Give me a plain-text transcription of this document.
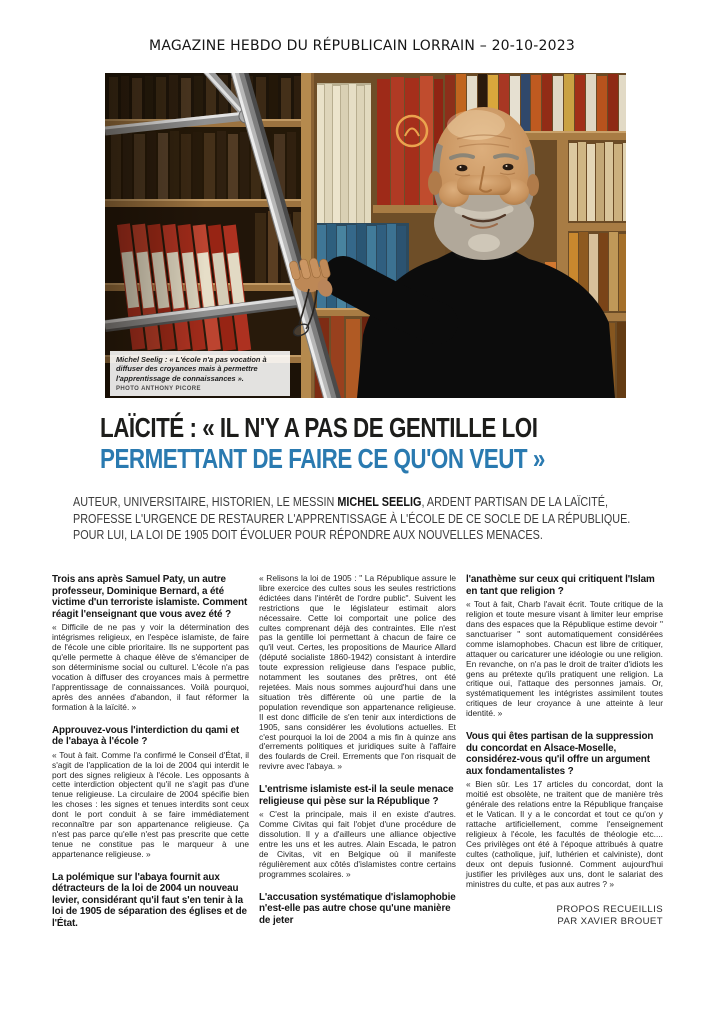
MAGAZINE HEBDO DU RÉPUBLICAIN LORRAIN – 20-10-2023
Michel Seelig : « L'école n'a pas vocation à diffuser des croyances mais à permettre l'apprentissage de connaissances ».
PHOTO ANTHONY PICORE
LAÏCITÉ : « IL N'Y A PAS DE GENTILLE LOI
PERMETTANT DE FAIRE CE QU'ON VEUT »

AUTEUR, UNIVERSITAIRE, HISTORIEN, LE MESSIN MICHEL SEELIG, ARDENT PARTISAN DE LA LAÏCITÉ,
PROFESSE L'URGENCE DE RESTAURER L'APPRENTISSAGE À L'ÉCOLE DE CE SOCLE DE LA RÉPUBLIQUE.
POUR LUI, LA LOI DE 1905 DOIT ÉVOLUER POUR RÉPONDRE AUX NOUVELLES MENACES.

Trois ans après Samuel Paty, un autre professeur, Dominique Bernard, a été victime d'un terroriste islamiste. Comment réagit l'enseignant que vous avez été ?

« Difficile de ne pas y voir la détermination des intégrismes religieux, en l'espèce islamiste, de faire de l'école une cible prioritaire. Ils ne supportent pas qu'elle permette à chaque élève de s'émanciper de son déterminisme social ou culturel. L'école n'a pas vocation à diffuser des croyances mais à permettre l'apprentissage de connaissances. Voilà pourquoi, après des années d'abandon, il faut réformer la formation à la laïcité. »

Approuvez-vous l'interdiction du qami et de l'abaya à l'école ?

« Tout à fait. Comme l'a confirmé le Conseil d'État, il s'agit de l'application de la loi de 2004 qui interdit le port des signes religieux à l'école. Les opposants à cette interdiction objectent qu'il ne s'agit pas d'une tenue religieuse. La circulaire de 2004 spécifie bien les choses : les signes et tenues interdits sont ceux dont le port conduit à se faire immédiatement reconnaître par son appartenance religieuse. Ça n'est pas parce qu'elle n'est pas prescrite que cette tenue ne constitue pas le marqueur à une appartenance religieuse. »

La polémique sur l'abaya fournit aux détracteurs de la loi de 2004 un nouveau levier, considérant qu'il faut s'en tenir à la loi de 1905 de séparation des églises et de l'État.

« Relisons la loi de 1905 : " La République assure le libre exercice des cultes sous les seules restrictions édictées dans l'intérêt de l'ordre public". Suivent les restrictions que le législateur estimait alors nécessaire. Cette loi comportait une police des cultes comprenant déjà des contraintes. Elle n'est pas la gentille loi permettant à chacun de faire ce qu'il veut. Certes, les propositions de Maurice Allard (député socialiste 1860-1942) consistant à interdire toute expression religieuse dans l'espace public, notamment les soutanes des prêtres, ont été rejetées. Mais nous sommes aujourd'hui dans une situation très différente où une partie de la population revendique son appartenance religieuse. Il est donc difficile de s'en tenir aux interdictions de 1905, sans considérer les évolutions actuelles. Et c'est pourquoi la loi de 2004 a mis fin à quinze ans d'errements politiques et juridiques suite à l'affaire des foulards de Creil. Errements que l'on risquait de revivre avec l'abaya. »

L'entrisme islamiste est-il la seule menace religieuse qui pèse sur la République ?

« C'est la principale, mais il en existe d'autres. Comme Civitas qui fait l'objet d'une procédure de dissolution. Il y a d'ailleurs une alliance objective entre les uns et les autres. Alain Escada, le patron de Civitas, vit en Belgique où il manifeste régulièrement aux côtés d'islamistes contre certains programmes scolaires. »

L'accusation systématique d'islamophobie n'est-elle pas autre chose qu'une manière de jeter

l'anathème sur ceux qui critiquent l'Islam en tant que religion ?

« Tout à fait, Charb l'avait écrit. Toute critique de la religion et toute mesure visant à limiter leur emprise dans des espaces que la République estime devoir " sanctuariser " sont automatiquement considérées comme islamophobes. Chacun est libre de critiquer, attaquer ou caricaturer une idéologie ou une religion. En revanche, on n'a pas le droit de traiter d'idiots les gens au prétexte qu'ils pratiquent une religion. La critique oui, l'attaque des personnes jamais. Or, systématiquement les intégristes assimilent toutes critiques de leur croyance à une atteinte à leur identité. »

Vous qui êtes partisan de la suppression du concordat en Alsace-Moselle, considérez-vous qu'il offre un argument aux fondamentalistes ?

« Bien sûr. Les 17 articles du concordat, dont la moitié est obsolète, ne traitent que de manière très générale des relations entre la République française et le Vatican. Il y a le concordat et tout ce qu'on y rattache artificiellement, comme l'enseignement religieux à l'école, les facultés de théologie etc.... Ces privilèges ont été à l'époque attribués à quatre cultes (catholique, juif, luthérien et calviniste), dont deux ont depuis fusionné. Comment aujourd'hui justifier les privilèges aux uns, dont le salariat des ministres du culte, et pas aux autres ? »

PROPOS RECUEILLIS
PAR XAVIER BROUET
